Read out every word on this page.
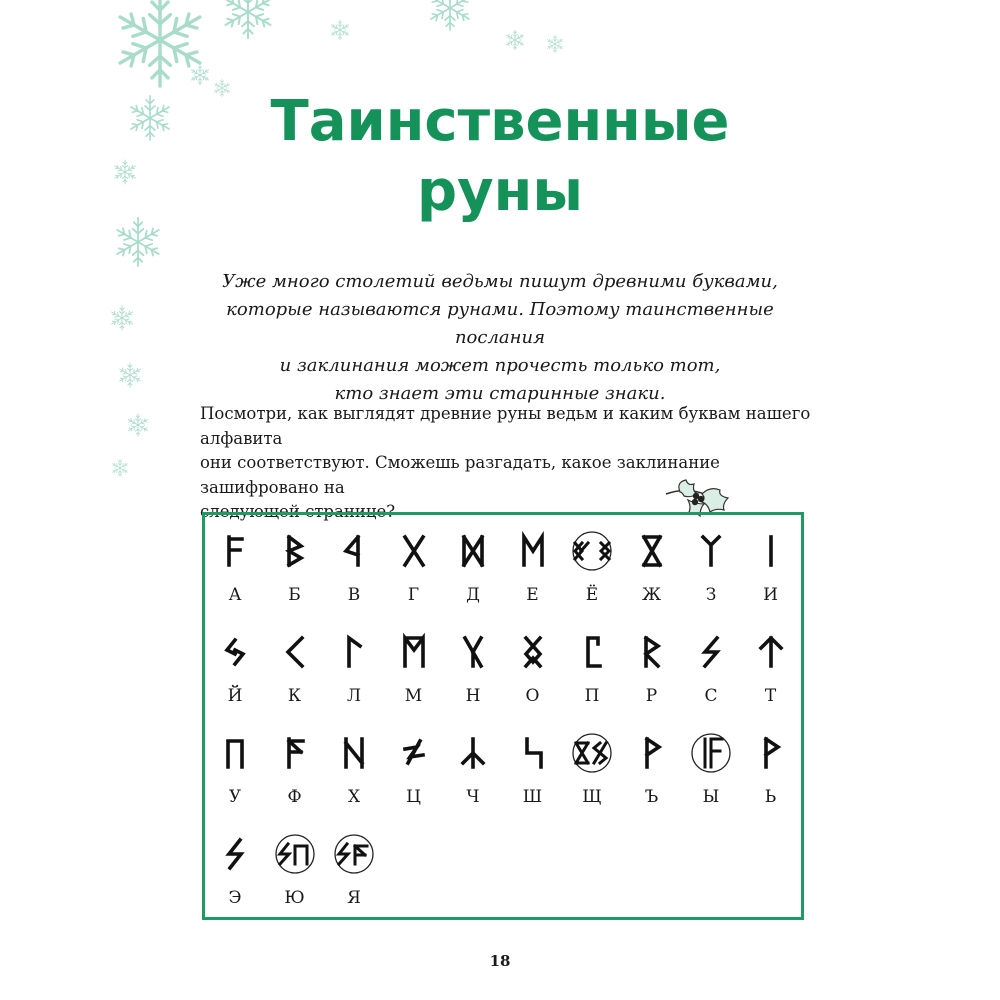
Таинственные
руны
Уже много столетий ведьмы пишут древними буквами,
которые называются рунами. Поэтому таинственные послания
и заклинания может прочесть только тот,
кто знает эти старинные знаки.
Посмотри, как выглядят древние руны ведьм и каким буквам нашего алфавита
они соответствуют. Сможешь разгадать, какое заклинание зашифровано на
следующей странице?
А	Б	В	Г	Д	Е	Ё	Ж	З	И
Й	К	Л	М	Н	О	П	Р	С	Т
У	Ф	Х	Ц	Ч	Ш	Щ	Ъ	Ы	Ь
Э	Ю	Я
18
